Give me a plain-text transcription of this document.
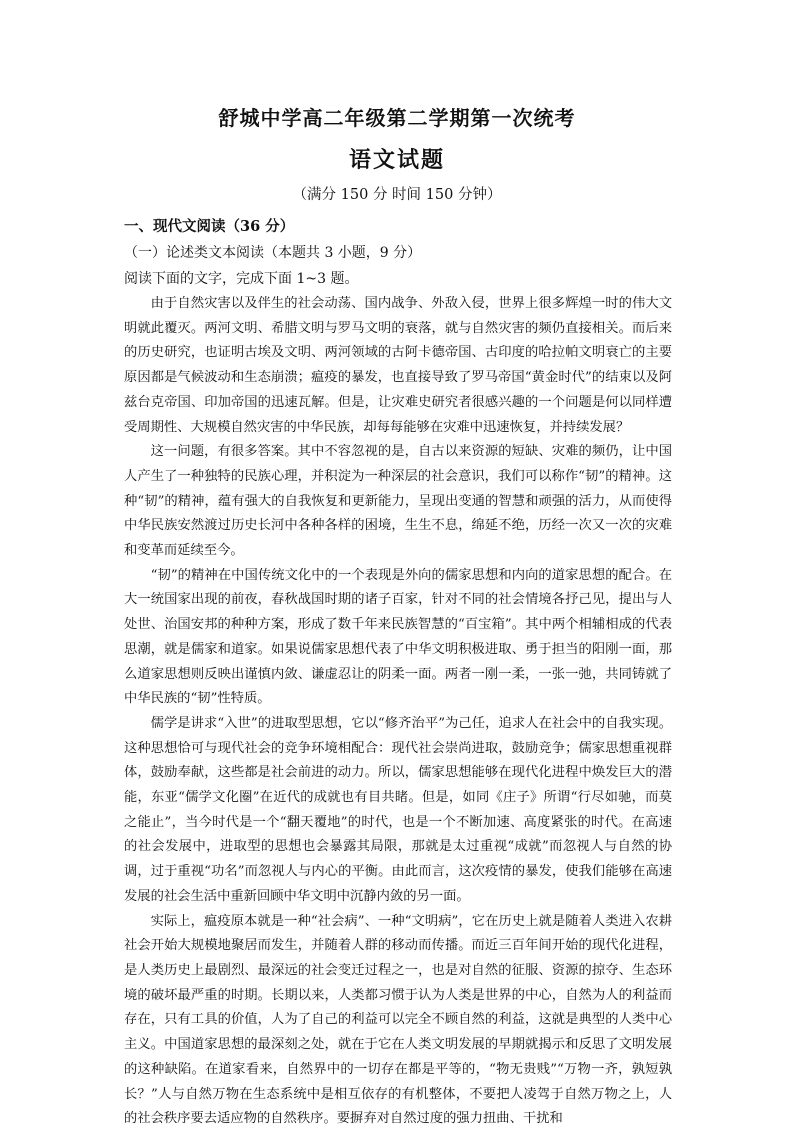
舒城中学高二年级第二学期第一次统考
语文试题
（满分 150 分 时间 150 分钟）
一、现代文阅读（36 分）
（一）论述类文本阅读（本题共 3 小题，9 分）
阅读下面的文字，完成下面 1~3 题。

由于自然灾害以及伴生的社会动荡、国内战争、外敌入侵，世界上很多辉煌一时的伟大文明就此覆灭。两河文明、希腊文明与罗马文明的衰落，就与自然灾害的频仍直接相关。而后来的历史研究，也证明古埃及文明、两河领域的古阿卡德帝国、古印度的哈拉帕文明衰亡的主要原因都是气候波动和生态崩溃；瘟疫的暴发，也直接导致了罗马帝国“黄金时代”的结束以及阿兹台克帝国、印加帝国的迅速瓦解。但是，让灾难史研究者很感兴趣的一个问题是何以同样遭受周期性、大规模自然灾害的中华民族，却每每能够在灾难中迅速恢复，并持续发展？

这一问题，有很多答案。其中不容忽视的是，自古以来资源的短缺、灾难的频仍，让中国人产生了一种独特的民族心理，并积淀为一种深层的社会意识，我们可以称作“韧”的精神。这种“韧”的精神，蕴有强大的自我恢复和更新能力，呈现出变通的智慧和顽强的活力，从而使得中华民族安然渡过历史长河中各种各样的困境，生生不息，绵延不绝，历经一次又一次的灾难和变革而延续至今。

“韧”的精神在中国传统文化中的一个表现是外向的儒家思想和内向的道家思想的配合。在大一统国家出现的前夜，春秋战国时期的诸子百家，针对不同的社会情境各抒己见，提出与人处世、治国安邦的种种方案，形成了数千年来民族智慧的“百宝箱”。其中两个相辅相成的代表思潮，就是儒家和道家。如果说儒家思想代表了中华文明积极进取、勇于担当的阳刚一面，那么道家思想则反映出谨慎内敛、谦虚忍让的阴柔一面。两者一刚一柔，一张一弛，共同铸就了中华民族的“韧”性特质。

儒学是讲求“入世”的进取型思想，它以“修齐治平”为己任，追求人在社会中的自我实现。这种思想恰可与现代社会的竞争环境相配合：现代社会崇尚进取，鼓励竞争；儒家思想重视群体，鼓励奉献，这些都是社会前进的动力。所以，儒家思想能够在现代化进程中焕发巨大的潜能，东亚“儒学文化圈”在近代的成就也有目共睹。但是，如同《庄子》所谓“行尽如驰，而莫之能止”，当今时代是一个“翻天覆地”的时代，也是一个不断加速、高度紧张的时代。在高速的社会发展中，进取型的思想也会暴露其局限，那就是太过重视“成就”而忽视人与自然的协调，过于重视“功名”而忽视人与内心的平衡。由此而言，这次疫情的暴发，使我们能够在高速发展的社会生活中重新回顾中华文明中沉静内敛的另一面。

实际上，瘟疫原本就是一种“社会病”、一种“文明病”，它在历史上就是随着人类进入农耕社会开始大规模地聚居而发生，并随着人群的移动而传播。而近三百年间开始的现代化进程，是人类历史上最剧烈、最深远的社会变迁过程之一，也是对自然的征服、资源的掠夺、生态环境的破坏最严重的时期。长期以来，人类都习惯于认为人类是世界的中心，自然为人的利益而存在，只有工具的价值，人为了自己的利益可以完全不顾自然的利益，这就是典型的人类中心主义。中国道家思想的最深刻之处，就在于它在人类文明发展的早期就揭示和反思了文明发展的这种缺陷。在道家看来，自然界中的一切存在都是平等的，“物无贵贱”“万物一齐，孰短孰长？”人与自然万物在生态系统中是相互依存的有机整体，不要把人凌驾于自然万物之上，人的社会秩序要去适应物的自然秩序。要摒弃对自然过度的强力扭曲、干扰和
